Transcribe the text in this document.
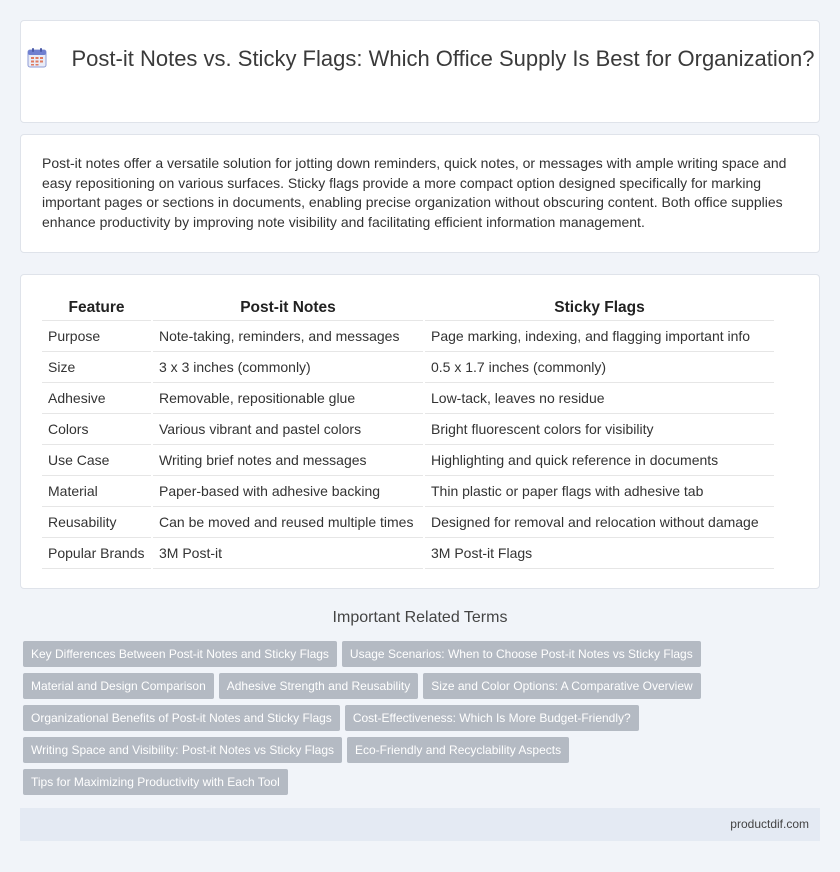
Post-it Notes vs. Sticky Flags: Which Office Supply Is Best for Organization?

Post-it notes offer a versatile solution for jotting down reminders, quick notes, or messages with ample writing space and easy repositioning on various surfaces. Sticky flags provide a more compact option designed specifically for marking important pages or sections in documents, enabling precise organization without obscuring content. Both office supplies enhance productivity by improving note visibility and facilitating efficient information management.

Feature	Post-it Notes	Sticky Flags
Purpose	Note-taking, reminders, and messages	Page marking, indexing, and flagging important info
Size	3 x 3 inches (commonly)	0.5 x 1.7 inches (commonly)
Adhesive	Removable, repositionable glue	Low-tack, leaves no residue
Colors	Various vibrant and pastel colors	Bright fluorescent colors for visibility
Use Case	Writing brief notes and messages	Highlighting and quick reference in documents
Material	Paper-based with adhesive backing	Thin plastic or paper flags with adhesive tab
Reusability	Can be moved and reused multiple times	Designed for removal and relocation without damage
Popular Brands	3M Post-it	3M Post-it Flags
Important Related Terms
Key Differences Between Post-it Notes and Sticky Flags Usage Scenarios: When to Choose Post-it Notes vs Sticky Flags
Material and Design Comparison Adhesive Strength and Reusability Size and Color Options: A Comparative Overview
Organizational Benefits of Post-it Notes and Sticky Flags Cost-Effectiveness: Which Is More Budget-Friendly?
Writing Space and Visibility: Post-it Notes vs Sticky Flags Eco-Friendly and Recyclability Aspects
Tips for Maximizing Productivity with Each Tool
productdif.com
